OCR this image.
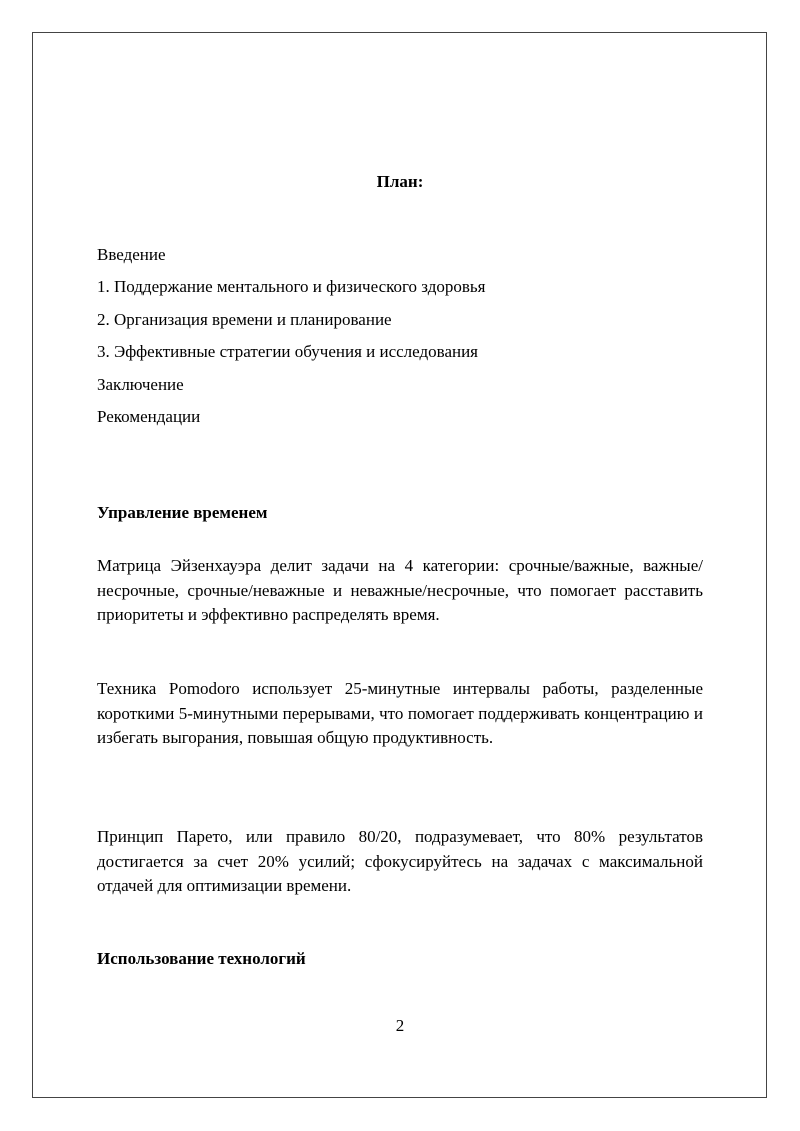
План:
Введение
1. Поддержание ментального и физического здоровья
2. Организация времени и планирование
3. Эффективные стратегии обучения и исследования
Заключение
Рекомендации
Управление временем

Матрица Эйзенхауэра делит задачи на 4 категории: срочные/важные, важные/несрочные, срочные/неважные и неважные/несрочные, что помогает расставить приоритеты и эффективно распределять время.

Техника Pomodoro использует 25-минутные интервалы работы, разделенные короткими 5-минутными перерывами, что помогает поддерживать концентрацию и избегать выгорания, повышая общую продуктивность.

Принцип Парето, или правило 80/20, подразумевает, что 80% результатов достигается за счет 20% усилий; сфокусируйтесь на задачах с максимальной отдачей для оптимизации времени.

Использование технологий
2
